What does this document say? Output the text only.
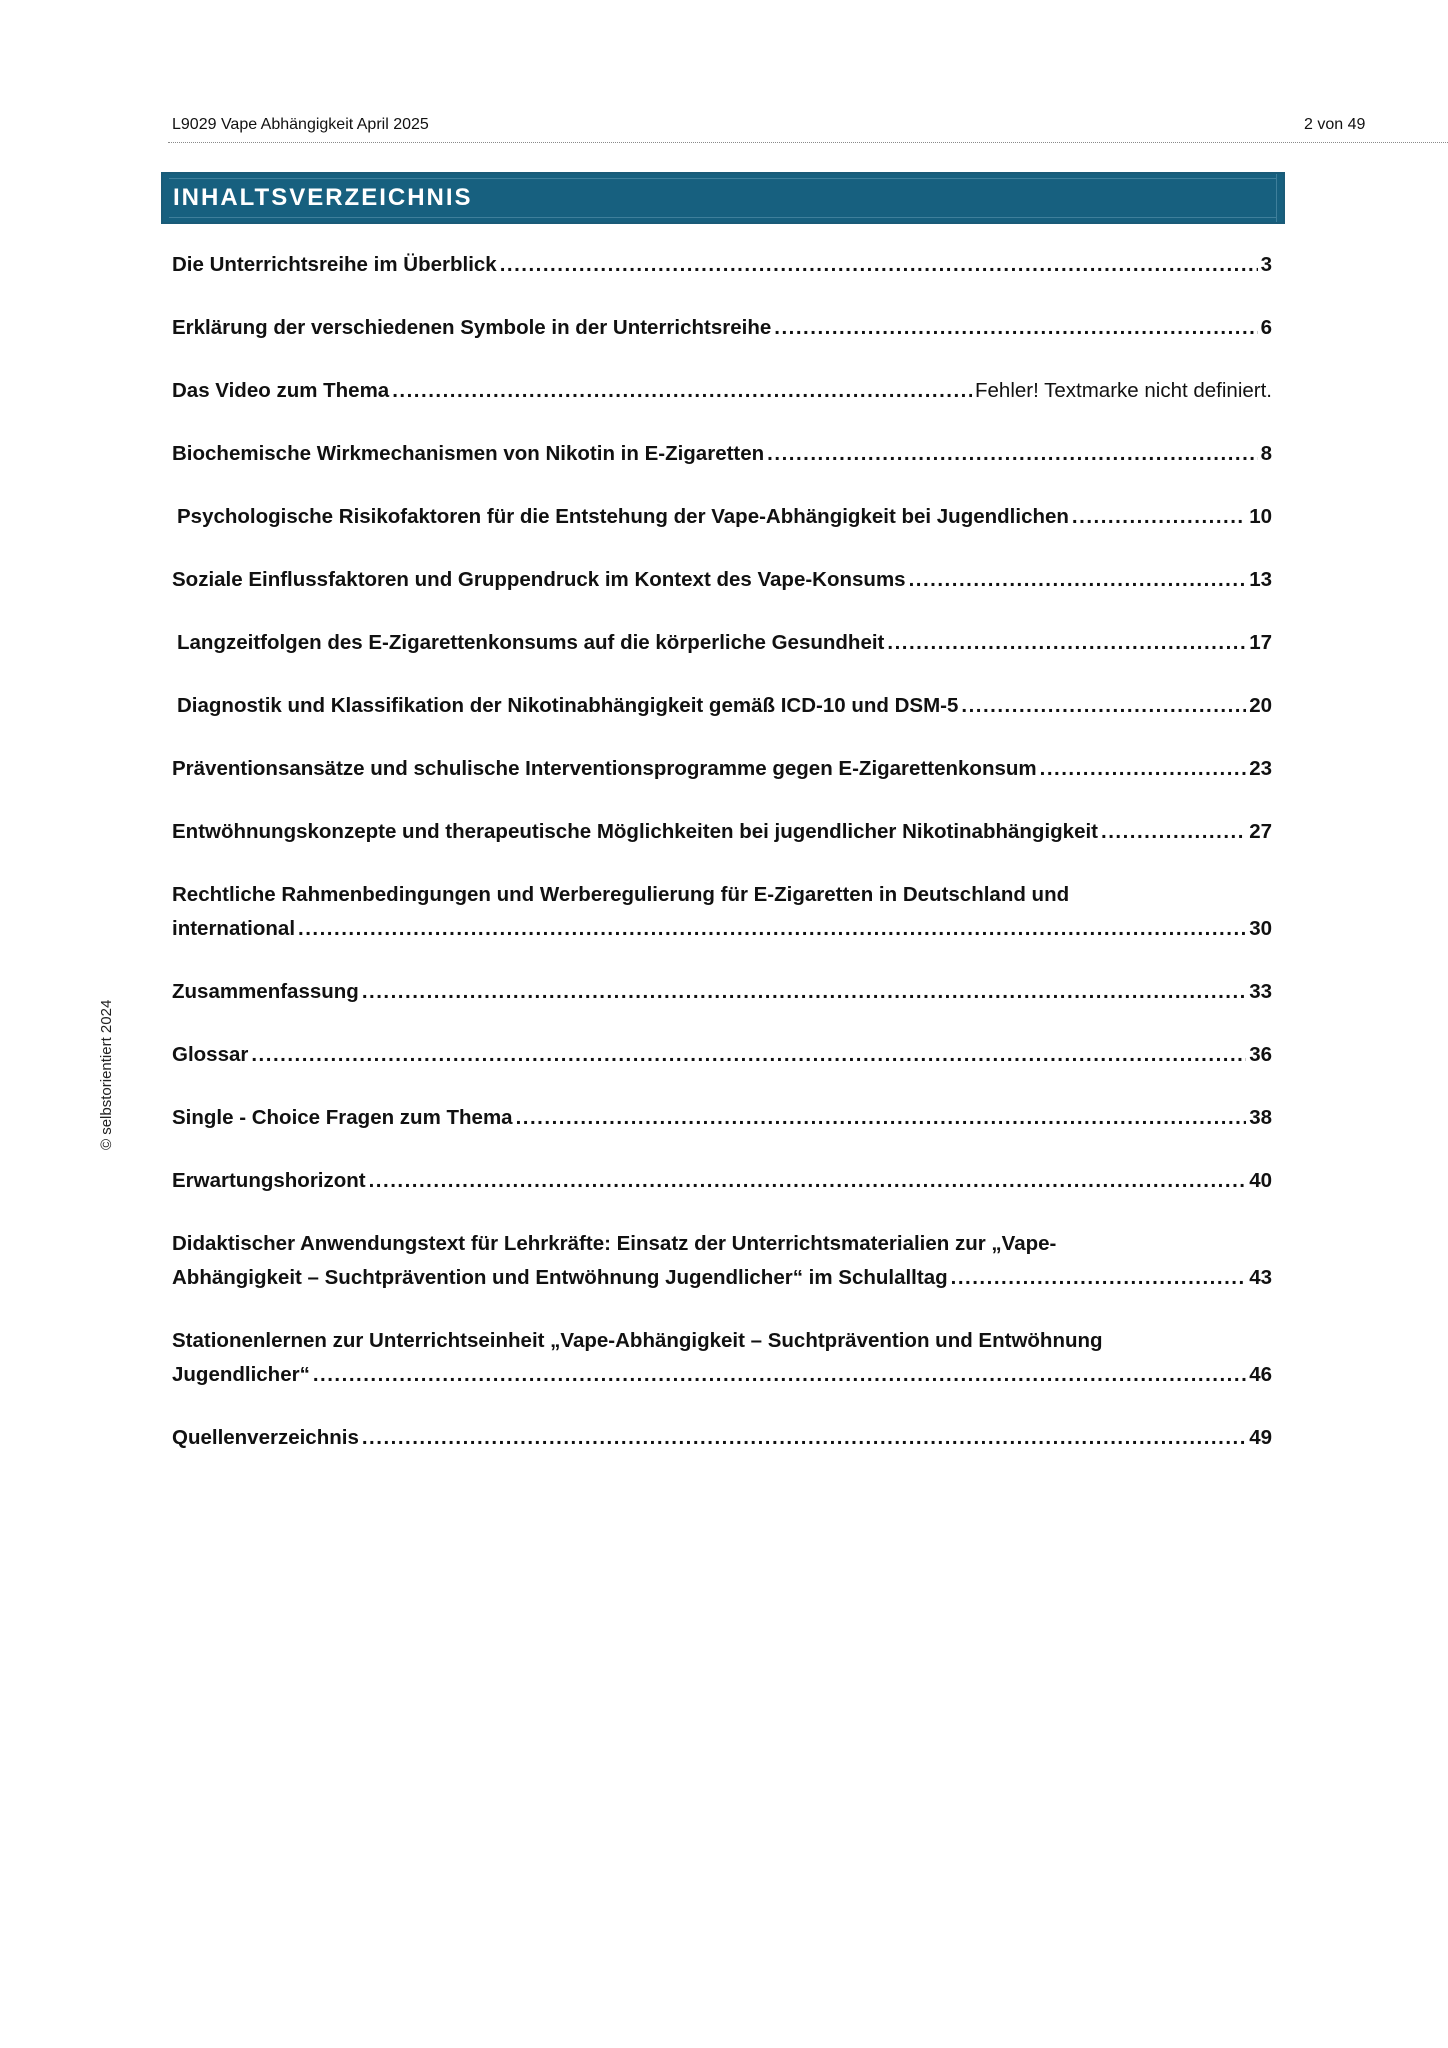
L9029 Vape Abhängigkeit April 2025	2 von 49
© selbstorientiert 2024
INHALTSVERZEICHNIS
Die Unterrichtsreihe im Überblick .....	3
Erklärung der verschiedenen Symbole in der Unterrichtsreihe .....	6
Das Video zum Thema .....	Fehler! Textmarke nicht definiert.
Biochemische Wirkmechanismen von Nikotin in E-Zigaretten .....	8
Psychologische Risikofaktoren für die Entstehung der Vape-Abhängigkeit bei Jugendlichen .....	10
Soziale Einflussfaktoren und Gruppendruck im Kontext des Vape-Konsums .....	13
Langzeitfolgen des E-Zigarettenkonsums auf die körperliche Gesundheit .....	17
Diagnostik und Klassifikation der Nikotinabhängigkeit gemäß ICD-10 und DSM-5 .....	20
Präventionsansätze und schulische Interventionsprogramme gegen E-Zigarettenkonsum .....	23
Entwöhnungskonzepte und therapeutische Möglichkeiten bei jugendlicher Nikotinabhängigkeit .....	27
Rechtliche Rahmenbedingungen und Werberegulierung für E-Zigaretten in Deutschland und
international .....	30
Zusammenfassung .....	33
Glossar .....	36
Single - Choice Fragen zum Thema .....	38
Erwartungshorizont .....	40
Didaktischer Anwendungstext für Lehrkräfte: Einsatz der Unterrichtsmaterialien zur „Vape-
Abhängigkeit – Suchtprävention und Entwöhnung Jugendlicher“ im Schulalltag .....	43
Stationenlernen zur Unterrichtseinheit „Vape-Abhängigkeit – Suchtprävention und Entwöhnung
Jugendlicher“ .....	46
Quellenverzeichnis .....	49
